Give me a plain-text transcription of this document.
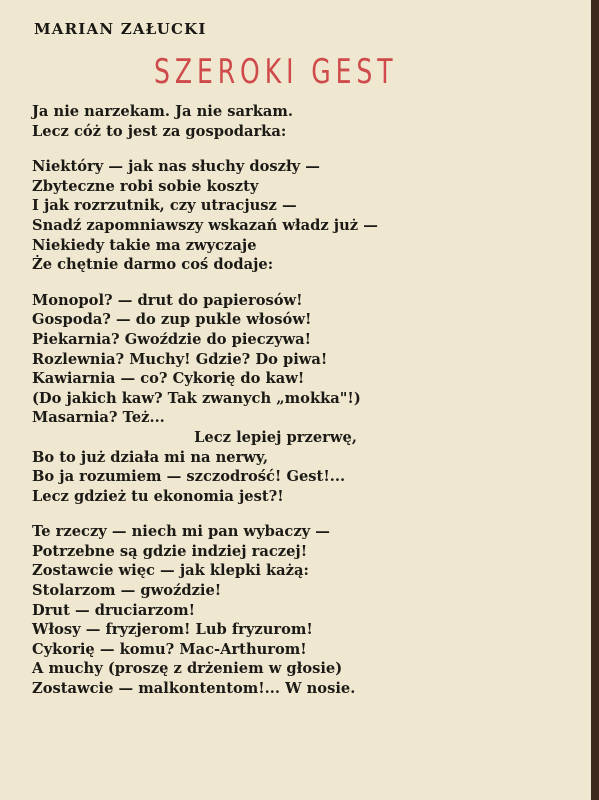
MARIAN ZAŁUCKI
SZEROKI GEST
Ja nie narzekam. Ja nie sarkam.
Lecz cóż to jest za gospodarka:
Niektóry — jak nas słuchy doszły —
Zbyteczne robi sobie koszty
I jak rozrzutnik, czy utracjusz —
Snadź zapomniawszy wskazań władz już —
Niekiedy takie ma zwyczaje
Że chętnie darmo coś dodaje:
Monopol? — drut do papierosów!
Gospoda? — do zup pukle włosów!
Piekarnia? Gwoździe do pieczywa!
Rozlewnia? Muchy! Gdzie? Do piwa!
Kawiarnia — co? Cykorię do kaw!
(Do jakich kaw? Tak zwanych „mokka"!)
Masarnia? Też...
Lecz lepiej przerwę,
Bo to już działa mi na nerwy,
Bo ja rozumiem — szczodrość! Gest!...
Lecz gdzież tu ekonomia jest?!
Te rzeczy — niech mi pan wybaczy —
Potrzebne są gdzie indziej raczej!
Zostawcie więc — jak klepki każą:
Stolarzom — gwoździe!
Drut — druciarzom!
Włosy — fryzjerom! Lub fryzurom!
Cykorię — komu? Mac-Arthurom!
A muchy (proszę z drżeniem w głosie)
Zostawcie — malkontentom!... W nosie.
